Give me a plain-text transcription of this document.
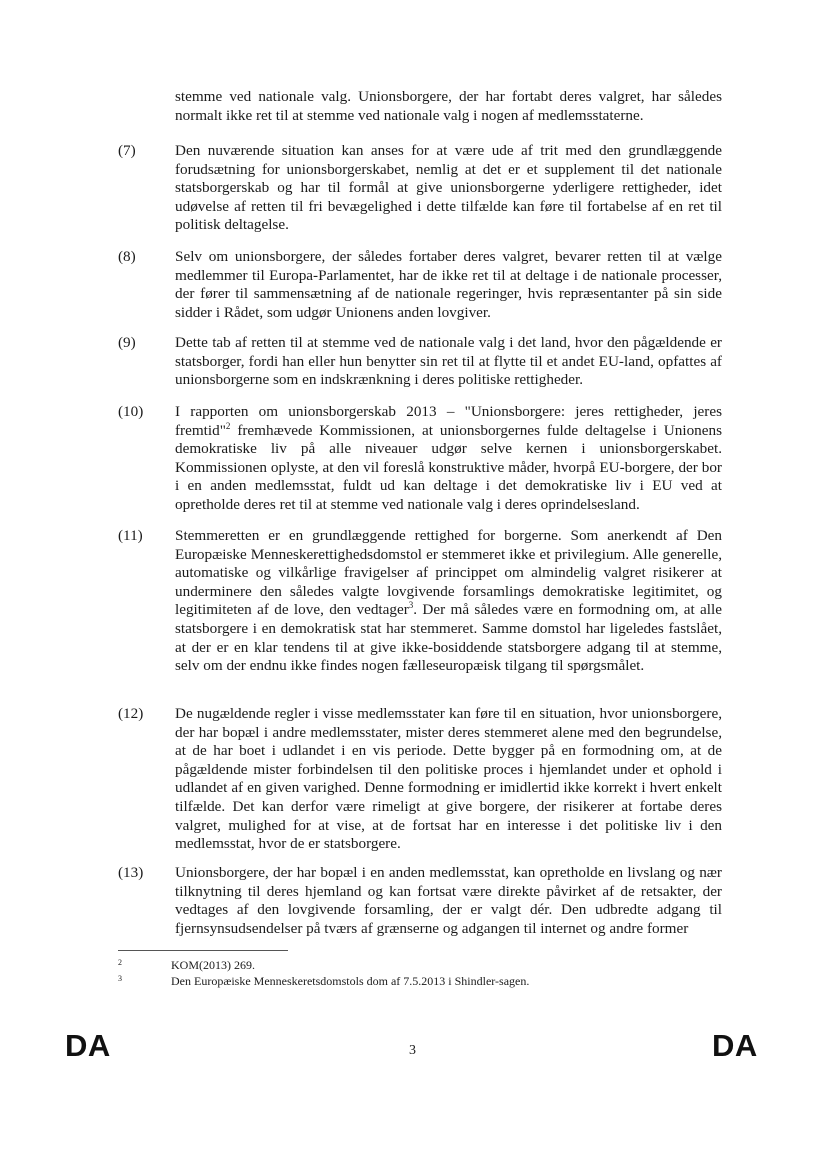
stemme ved nationale valg. Unionsborgere, der har fortabt deres valgret, har således normalt ikke ret til at stemme ved nationale valg i nogen af medlemsstaterne.
(7)	Den nuværende situation kan anses for at være ude af trit med den grundlæggende forudsætning for unionsborgerskabet, nemlig at det er et supplement til det nationale statsborgerskab og har til formål at give unionsborgerne yderligere rettigheder, idet udøvelse af retten til fri bevægelighed i dette tilfælde kan føre til fortabelse af en ret til politisk deltagelse.
(8)	Selv om unionsborgere, der således fortaber deres valgret, bevarer retten til at vælge medlemmer til Europa-Parlamentet, har de ikke ret til at deltage i de nationale processer, der fører til sammensætning af de nationale regeringer, hvis repræsentanter på sin side sidder i Rådet, som udgør Unionens anden lovgiver.
(9)	Dette tab af retten til at stemme ved de nationale valg i det land, hvor den pågældende er statsborger, fordi han eller hun benytter sin ret til at flytte til et andet EU-land, opfattes af unionsborgerne som en indskrænkning i deres politiske rettigheder.
(10)	I rapporten om unionsborgerskab 2013 – "Unionsborgere: jeres rettigheder, jeres fremtid"$^2$ fremhævede Kommissionen, at unionsborgernes fulde deltagelse i Unionens demokratiske liv på alle niveauer udgør selve kernen i unionsborgerskabet. Kommissionen oplyste, at den vil foreslå konstruktive måder, hvorpå EU-borgere, der bor i en anden medlemsstat, fuldt ud kan deltage i det demokratiske liv i EU ved at opretholde deres ret til at stemme ved nationale valg i deres oprindelsesland.
(11)	Stemmeretten er en grundlæggende rettighed for borgerne. Som anerkendt af Den Europæiske Menneskerettighedsdomstol er stemmeret ikke et privilegium. Alle generelle, automatiske og vilkårlige fravigelser af princippet om almindelig valgret risikerer at underminere den således valgte lovgivende forsamlings demokratiske legitimitet, og legitimiteten af de love, den vedtager$^3$. Der må således være en formodning om, at alle statsborgere i en demokratisk stat har stemmeret. Samme domstol har ligeledes fastslået, at der er en klar tendens til at give ikke-bosiddende statsborgere adgang til at stemme, selv om der endnu ikke findes nogen fælleseuropæisk tilgang til spørgsmålet.
(12)	De nugældende regler i visse medlemsstater kan føre til en situation, hvor unionsborgere, der har bopæl i andre medlemsstater, mister deres stemmeret alene med den begrundelse, at de har boet i udlandet i en vis periode. Dette bygger på en formodning om, at de pågældende mister forbindelsen til den politiske proces i hjemlandet under et ophold i udlandet af en given varighed. Denne formodning er imidlertid ikke korrekt i hvert enkelt tilfælde. Det kan derfor være rimeligt at give borgere, der risikerer at fortabe deres valgret, mulighed for at vise, at de fortsat har en interesse i det politiske liv i den medlemsstat, hvor de er statsborgere.
(13)	Unionsborgere, der har bopæl i en anden medlemsstat, kan opretholde en livslang og nær tilknytning til deres hjemland og kan fortsat være direkte påvirket af de retsakter, der vedtages af den lovgivende forsamling, der er valgt dér. Den udbredte adgang til fjernsynsudsendelser på tværs af grænserne og adgangen til internet og andre former
2	KOM(2013) 269.
3	Den Europæiske Menneskeretsdomstols dom af 7.5.2013 i Shindler-sagen.
DA	3	DA
